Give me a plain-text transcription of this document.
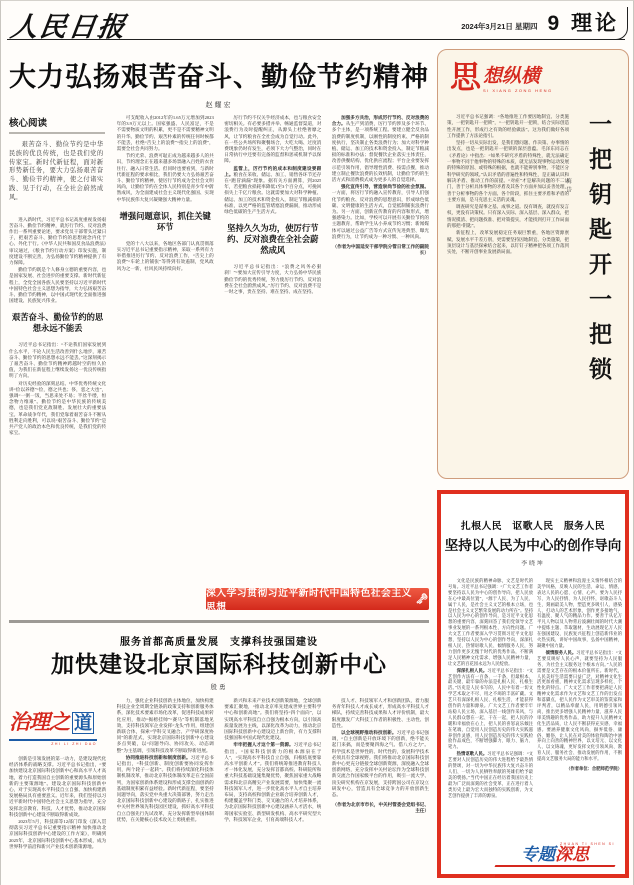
人民日报	2024年3月21日 星期四 9 理论
大力弘扬艰苦奋斗、勤俭节约精神
赵耀宏
核心阅读
艰苦奋斗、勤俭节约是中华民族的优良传统，也是我们党的传家宝。新时代新征程，面对新形势新任务，要大力弘扬艰苦奋斗、勤俭节约精神，使之付诸实践、见于行动，在全社会蔚然成风。

进入新时代，习近平总书记高度重视发扬艰苦奋斗、勤俭节约精神，就厉行节约、反对浪费作出一系列重要论述，要求党员干部带头过紧日子，把艰苦奋斗、勤俭节约的思想观念内化于心、外化于行。《中华人民共和国反食品浪费法》审议通过，《粮食节约行动方案》印发实施，制度建设不断完善，为弘扬勤俭节约精神提供了有力保障。

勤俭节约既是个人修身立德的重要内容，也是国家发展、社会进步的重要支撑。新时代新征程上，全党全国各族人民要坚持以习近平新时代中国特色社会主义思想为指导，大力弘扬艰苦奋斗、勤俭节约精神，以中国式现代化全面推进强国建设、民族复兴伟业。

艰苦奋斗、勤俭节约的思想永远不能丢

习近平总书记指出：“不论我们国家发展到什么水平，不论人民生活改善到什么地步，艰苦奋斗、勤俭节约的思想永远不能丢。”这深刻揭示了艰苦奋斗、勤俭节约精神跨越时空的恒久价值，为我们在新征程上继续发扬这一优良传统指明了方向。

对历史经验的深刻总结。中华优秀传统文化讲“俭以养德”“俭，德之共也；侈，恶之大也”，强调“一粥一饭，当思来处不易；半丝半缕，恒念物力维艰”。勤俭节约是中华民族的传统美德，也是我们党克敌制胜、发展壮大的重要法宝。革命战争年代，我们党靠着艰苦奋斗不断从胜利走向胜利，可以说“艰苦奋斗、勤俭节约”是共产党人的政治本色和优良传统，是我们党的传家宝。

可支配收入由2012年的1.65万元增加到2023年的3.9万元以上。国家强盛、人民富足，不是不需要物质文明的积累，更不是不需要精神文明的升华。勤俭节约、艰苦朴素的传统任何时候都不能丢，杜绝“舌尖上的浪费”“指尖上的浪费”，需要全社会共同努力。

节约光荣、浪费可耻正成为越来越多人的共识，节约理念正在越来越多场景融入百姓的衣食住行、融入日常生活。但同时也要看到，与新时代新征程的要求相比，我们仍要大力弘扬艰苦奋斗、勤俭节约精神，使厉行节约成为全社会文明风尚，让勤俭节约在全体人民特别是青少年中蔚然成风，为全面建成社会主义现代化强国、实现中华民族伟大复兴凝聚强大精神力量。

增强问题意识，抓住关键环节

党的十八大以来，各地区各部门认真贯彻落实习近平总书记重要指示精神，采取一系列有力举措推进厉行节约、反对浪费工作，“舌尖上的浪费”“车轮上的铺张”等得到有效遏制，党风政风为之一新，社风民风持续向好。

厉行节约不仅关乎经济成本，也与粮食安全密切相关。有必要多措并举、畅通监督渠道，对浪费行为及时提醒纠正，从源头上杜绝奢靡之风，让节约粮食在全社会成为自觉行动。此外，在一些公共场所和聚餐场合，大吃大喝、过度消费现象仍时有发生，必须下大力气整治，同时在日常执行中还要有完备的监督和惩戒机制予以保障。

监管上，厉行节约的成本和制度建设要跟上。粮食在采收、储运、加工、销售各环节还存在“跑冒滴漏”现象。据有关方面测算，到2025年，若把粮食损耗率降低1至3个百分点，可挽回损失上千亿斤粮食。这就需要加大对科学种植、储运、加工的技术和资金投入，制定节粮减损的标准，以更严格的监管堵塞浪费漏洞，推动形成绿色低碳的生产生活方式。

坚持久久为功，使厉行节约、反对浪费在全社会蔚然成风

习近平总书记指出：“浪费之风务必狠刹！”“要加大宣传引导力度，大力弘扬中华民族勤俭节约的优秀传统，努力使厉行节约、反对浪费在全社会蔚然成风。”厉行节约、反对浪费不是一时之事，贵在坚持、难在坚持、成在坚持。

加强多方共治，形成厉行节约、反对浪费的合力。从生产到消费，厉行节约涉及多个环节、多个主体，是一项系统工程。要建立健全反食品浪费的制度机制，以刚性的制度约束、严格的制度执行，坚决制止各类浪费行为；加大对科学种植、储运、加工的技术和资金投入，制定节粮减损的标准和办法；督促餐饮企业落实主体责任，改善供餐结构、优化供应流程；平台企业要发挥示范引领作用，倡导理性消费、按需点餐，推动建立制止餐饮浪费的长效机制，让勤俭节约的生活方式和消费模式成为更多人的自觉选择。

强化宣传引导，营造崇尚节俭的社会氛围。一方面，将厉行节约融入宣传教育，引导人们强化节约粮食、反对浪费的思想意识，形成绿色低碳、文明健康的生活方式，自觉抵制铺张浪费行为。另一方面，创新宣传教育的内容和形式，增强感染力。比如，学校可以开展有关勤俭节约的主题教育，帮助学生从小养成节约习惯；新闻媒体可以通过公益广告等方式宣传先进典型、曝光浪费行为，让节约成为一种习惯、一种风尚。

（作者为中国延安干部学院分管日常工作的副院长）

深入学习贯彻习近平新时代中国特色社会主义思想
🗝
思 想纵横
SI XIANG ZONG HENG

习近平总书记强调：“各地推进工作要因地制宜、分类施策，一把钥匙开一把锁”，“一把钥匙开一把锁，结合实际创造性开展工作，形成行之有效的经验做法”。这为我们做好各项工作提供了方法论指引。

坚持一切从实际出发，是我们想问题、作决策、办事情的出发点，也是一把钥匙开一把锁的深层意蕴。毛泽东同志在《矛盾论》中指出：“如果不研究矛盾的特殊性，就无法确定一事物不同于他事物的特殊的本质，就无法发现事物运动发展的特殊的原因、或特殊的根据，也就不能辨别事物，不能区分科学研究的领域。”认识矛盾的普遍性和特殊性，是正确认识和解决矛盾、推动工作的前提。“对症”才是解决问题的不二法门，善于分析具体事物的矛盾及其各个方面并加以妥善处理，善于分析事物的各个方面、各个阶段，抓住主要矛盾和矛盾的主要方面，是马克思主义活的灵魂。

调查研究是谋事之基、成事之道。没有调查，就没有发言权，更没有决策权。只有深入实际、深入基层、深入群众，把情况摸清、把问题找准、把对策提实，才能找到打开工作局面的那把“钥匙”。

新征程上，改革发展稳定任务艰巨繁重，各地区资源禀赋、发展水平千差万别，更需要坚持因地制宜、分类施策，把顶层设计与基层探索结合起来，以钉钉子精神把各项工作落到实处，不断开创事业发展新局面。

梅岱 一把钥匙开一把锁
扎根人民　讴歌人民　服务人民
坚持以人民为中心的创作导向
李晓坤

文化是民族的精神命脉，文艺是时代的号角。习近平总书记强调：“广大文艺工作者要坚持以人民为中心的创作导向，把人民放在心中最高位置”，“源于人民、为了人民、属于人民，是社会主义文艺的根本立场，也是社会主义文艺繁荣发展的动力所在”。坚持以人民为中心的创作导向，是习近平文化思想的重要内容，深刻回答了我们党领导文艺事业发展的一系列根本性、方向性问题。广大文艺工作者要深入学习贯彻习近平文化思想，坚持以人民为中心的创作导向，深深扎根人民、热情讴歌人民、倾情服务人民，努力创作更多无愧于时代的优秀作品，不断满足人民精神文化需求、增强人民精神力量，让文艺的百花园永远为人民绽放。

深深扎根人民。习近平总书记指出：“文艺创作方法有一百条、一千条，但最根本、最关键、最牢靠的办法是扎根人民、扎根生活。”历史是人民书写的，人民中有着一切文学艺术取之不尽、用之不竭的丰富矿藏。文艺只有深深扎根人民、扎根生活，才能获得创作的力量和源泉。广大文艺工作者要牢牢站稳人民立场，深入基层一线创作采风，与人民群众想在一起、干在一起，把人民的冷暖和幸福放在心上，把人民的喜怒哀乐倾注在笔端，自觉用人民创造历史的伟大实践滋养创作灵感，用人民创造历史的伟大实践检验作品成色，不断增强脚力、眼力、脑力、笔力。

热情讴歌人民。习近平总书记强调：“文艺要对人民创造历史的伟大进程给予最热情的赞颂，对一切为中华民族伟大复兴奋斗的人们、一切为人民牺牲奉献的英雄们给予最美的褒扬。”当代中国正在经历着我国历史上最为广泛而深刻的社会变革，正在进行着人类历史上最为宏大而独特的实践创新，为文艺创作提供了丰沛的源泉。

现实主义精神和浪漫主义情怀相结合的美学风格，反映人民的生活、命运、情感，表达人民的心愿、心情、心声。要为人民抒写、为人民抒情、为人民抒怀，讴歌奋斗人生，刻画最美人物，塑造更多吸引人、感染人、打动人的艺术形象，创作更多接地气、有温度、聚人气的精品力作。要善于从亿万平凡人物以及人物背后波澜壮阔的时代大潮中提炼主题、萃取题材，生动展现亿万人民在强国建设、民族复兴征程上创造新伟业的火热实践，讲好中国故事，弘扬中国精神，凝聚中国力量。

倾情服务人民。习近平总书记指出：“文艺要反映好人民心声，就要坚持为人民服务、为社会主义服务这个根本方向。”人民的需要是文艺存在的根本价值所在。新时代，人民美好生活需要日益广泛，对精神文化生活更加看重，精神文化需求呈现多样化、个性化的特点。广大文艺工作者要把满足人民精神文化需求作为文艺和文艺工作的出发点和落脚点，把人民作为文艺审美的鉴赏家和评判者，以精品奉献人民，用明德引领风尚，推出更多增强人民精神力量、滋养人民审美情趣的优秀作品，助力提升人民精神文化生活品质，让人民不断获得充实感、幸福感。要涵养健康文化风尚，摒弃低俗、庸俗、媚俗，让人民在对美的体验和陶冶中涵养向上向善的精神世界，以文培元、以文化人、以文铸魂，更好发挥文化引领风尚、教育人民、服务社会、推动发展的作用，不断提高文艺服务大局的能力和水平。

（作者单位：合肥师范学院）

ZHUAN TI SHEN SI
专题深思
服务首都高质量发展　支撑科技强国建设
加快建设北京国际科技创新中心
殷勇
治理之 道
ZHI LI ZHI DAO

创新是引领发展的第一动力，是建设现代化经济体系的战略支撑。习近平总书记指出，“要加快建设北京国际科技创新中心和高水平人才高地，着力打造我国自主创新的重要源头和原始创新的主要策源地”。建设北京国际科技创新中心，对于实现高水平科技自立自强、加快构建新发展格局具有重要意义。近年来，我们坚持以习近平新时代中国特色社会主义思想为指导，充分发挥北京教育、科技、人才优势，推动北京国际科技创新中心建设不断取得新成效。

2023年5月，科技部等12部门印发《深入贯彻落实习近平总书记重要指示精神 加快推动北京国际科技创新中心建设的工作方案》，明确到2025年，北京国际科技创新中心基本形成，成为世界科学前沿和新兴产业技术创新策源地。

力，强化企业科技创新主体地位，加快构建科技企业全周期全链条的政策支持和创新服务体系，深化技术要素市场化改革，促进科技成果转化应用，推动“揭榜挂帅”“赛马”等机制落地见效，支持科技领军企业发挥“龙头”作用，组建创新联合体，探索“学科交叉融合、产学研深度协同”的新范式，实现北京国际科技创新中心建设多点突破，以“问题导向、协同攻关、动态调整”为主基调，引领科技改革不断取得新进展。

协同推进科技创新和制度创新。习近平总书记指出，“科技创新、制度创新要协同发挥作用，两个轮子一起转”。我们将持续深化科技体制机制改革，推动北京科技体制改革走在全国前列，为国家创新体系建设和形成支撑全面创新的基础制度积累有益经验。新时代新征程，要坚持问题导向，落实党中央重大决策部署，努力走出北京国际科技创新中心建设的新路子，扎实推进中关村世界领先科技园区建设，抓好高水平科技自立自强先行先试改革，充分发挥新型举国体制优势，在关键核心技术攻关上勇挑重担。

新兴和未来产业技术创新策源地，全球创新要素汇聚地，“推动北京率先建成世界主要科学中心和创新高地”。我们将坚持“四个面向”，以实现高水平科技自立自强为根本方向，以引领高质量发展为主线，以深化改革为动力，推动北京国际科技创新中心建设迈上新台阶，有力支撑科技强国和中国式现代化建设。

牢牢把握人才这个第一资源。习近平总书记指出，“国家科技创新力的根本源泉在于人”，“实现高水平科技自立自强，归根结底要靠高水平创新人才”。我们将统筹推进教育科技人才一体化发展，充分发挥首都高校、科研院所和重大科技基础设施集聚优势，聚焦国家重大战略需求和北京高精尖产业发展需要，加快集聚一流科技领军人才，进一步优化高水平人才自主培养布局，支持高校和创新企业联合培养创新人才，构建覆盖学科门类、交叉融合的人才培养体系，为北京国际科技创新中心建设涵养人才活水，统筹国家实验室、新型研发机构、高水平研究型大学、科技领军企业，引育高端科技人才。

技人才、科技领军人才和创新团队，着力服务青年科技人才成长成才，形成高水平科技人才梯队，持续完善科技成果和人才评价机制，最大限度激发广大科技工作者的积极性、主动性、创造性。

以全球视野推动科技创新。习近平总书记强调，“自主创新是开放环境下的创新，绝不能关起门来搞，而是要聚四海之气、借八方之力”。科学技术是世界性的、时代性的，发展科学技术必须具有全球视野。我们将推动北京国际科技创新中心更充分链接全球创新资源，深度融入全球创新网络，充分发挥中关村论坛作为全球科技创新交流合作国家级平台的作用，吸引一流大学、顶尖研究机构在京发展，支持跨国公司在京设立研发中心，营造具有全球竞争力的开放创新生态。

（作者为北京市市长，中关村管委会党组书记、主任）
